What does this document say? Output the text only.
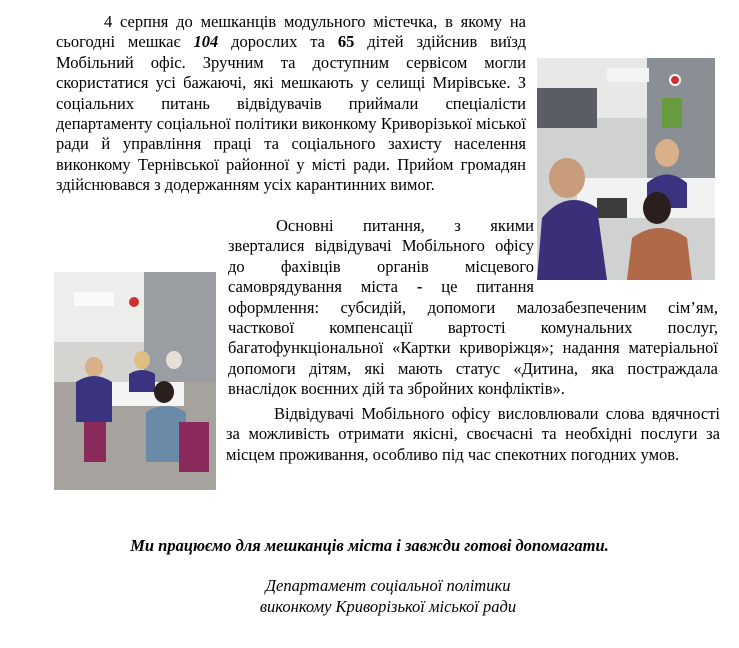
4 серпня до мешканців модульного містечка, в якому на сьогодні мешкає 104 дорослих та 65 дітей здійснив виїзд Мобільний офіс. Зручним та доступним сервісом могли скористатися усі бажаючі, які мешкають у селищі Мирівське. З соціальних питань відвідувачів приймали спеціалісти департаменту соціальної політики виконкому Криворізької міської ради й управління праці та соціального захисту населення виконкому Тернівської районної у місті ради. Прийом громадян здійснювався з додержанням усіх карантинних вимог.

Основні питання, з якими зверталися відвідувачі Мобільного офісу до фахівців органів місцевого самоврядування міста - це питання оформлення: субсидій, допомоги малозабезпеченим сім’ям, часткової компенсації вартості комунальних послуг, багатофункціональної «Картки криворіжця»; надання матеріальної допомоги дітям, які мають статус «Дитина, яка постраждала внаслідок воєнних дій та збройних конфліктів».

Відвідувачі Мобільного офісу висловлювали слова вдячності за можливість отримати якісні, своєчасні та необхідні послуги за місцем проживання, особливо під час спекотних погодних умов.

Ми працюємо для мешканців міста і завжди готові допомагати.
Департамент соціальної політики
виконкому Криворізької міської ради
